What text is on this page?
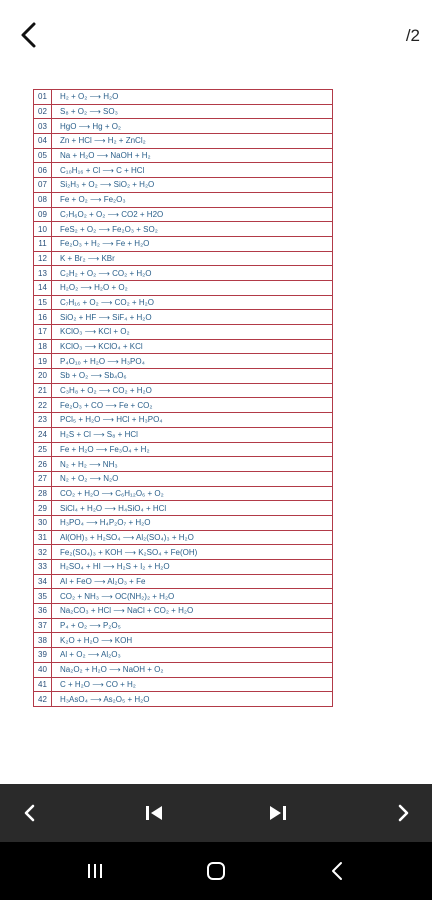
/2
01	H₂ + O₂ ⟶ H₂O
02	S₈ + O₂ ⟶ SO₃
03	HgO ⟶ Hg + O₂
04	Zn + HCl ⟶ H₂ + ZnCl₂
05	Na + H₂O ⟶ NaOH + H₂
06	C₁₀H₁₆ + Cl ⟶ C + HCl
07	Si₂H₃ + O₂ ⟶ SiO₂ + H₂O
08	Fe + O₂ ⟶ Fe₂O₃
09	C₇H₆O₂ + O₂ ⟶ CO2 + H2O
10	FeS₂ + O₂ ⟶ Fe₂O₃ + SO₂
11	Fe₂O₃ + H₂ ⟶ Fe + H₂O
12	K + Br₂ ⟶ KBr
13	C₂H₂ + O₂ ⟶ CO₂ + H₂O
14	H₂O₂ ⟶ H₂O + O₂
15	C₇H₁₆ + O₂ ⟶ CO₂ + H₂O
16	SiO₂ + HF ⟶ SiF₄ + H₂O
17	KClO₃ ⟶ KCl + O₂
18	KClO₃ ⟶ KClO₄ + KCl
19	P₄O₁₀ + H₂O ⟶ H₃PO₄
20	Sb + O₂ ⟶ Sb₄O₆
21	C₃H₈ + O₂ ⟶ CO₂ + H₂O
22	Fe₂O₃ + CO ⟶ Fe + CO₂
23	PCl₅ + H₂O ⟶ HCl + H₃PO₄
24	H₂S + Cl ⟶ S₈ + HCl
25	Fe + H₂O ⟶ Fe₃O₄ + H₂
26	N₂ + H₂ ⟶ NH₃
27	N₂ + O₂ ⟶ N₂O
28	CO₂ + H₂O ⟶ C₆H₁₂O₆ + O₂
29	SiCl₄ + H₂O ⟶ H₄SiO₄ + HCl
30	H₃PO₄ ⟶ H₄P₂O₇ + H₂O
31	Al(OH)₃ + H₂SO₄ ⟶ Al₂(SO₄)₃ + H₂O
32	Fe₂(SO₄)₃ + KOH ⟶ K₂SO₄ + Fe(OH)
33	H₂SO₄ + HI ⟶ H₂S + I₂ + H₂O
34	Al + FeO ⟶ Al₂O₃ + Fe
35	CO₂ + NH₃ ⟶ OC(NH₂)₂ + H₂O
36	Na₂CO₃ + HCl ⟶ NaCl + CO₂ + H₂O
37	P₄ + O₂ ⟶ P₂O₅
38	K₂O + H₂O ⟶ KOH
39	Al + O₂ ⟶ Al₂O₃
40	Na₂O₂ + H₂O ⟶ NaOH + O₂
41	C + H₂O ⟶ CO + H₂
42	H₃AsO₄ ⟶ As₂O₅ + H₂O
